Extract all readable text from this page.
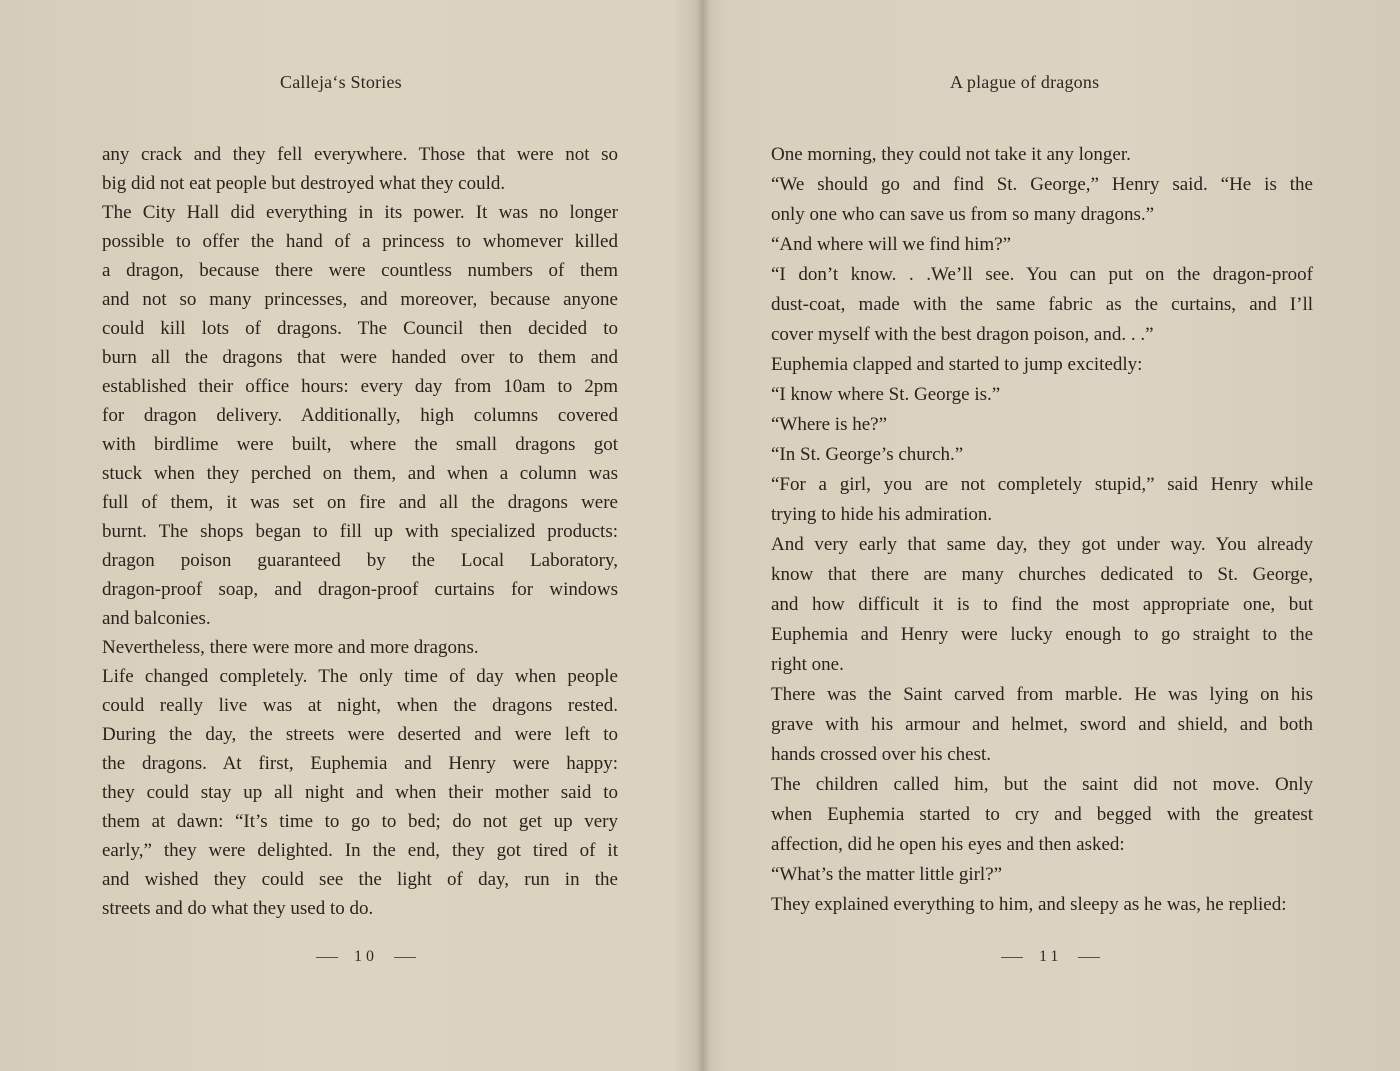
Calleja‘s Stories
any crack and they fell everywhere. Those that were not so
big did not eat people but destroyed what they could.
The City Hall did everything in its power. It was no longer
possible to offer the hand of a princess to whomever killed
a dragon, because there were countless numbers of them
and not so many princesses, and moreover, because anyone
could kill lots of dragons. The Council then decided to
burn all the dragons that were handed over to them and
established their office hours: every day from 10am to 2pm
for dragon delivery. Additionally, high columns covered
with birdlime were built, where the small dragons got
stuck when they perched on them, and when a column was
full of them, it was set on fire and all the dragons were
burnt. The shops began to fill up with specialized products:
dragon poison guaranteed by the Local Laboratory,
dragon-proof soap, and dragon-proof curtains for windows
and balconies.
Nevertheless, there were more and more dragons.
Life changed completely. The only time of day when people
could really live was at night, when the dragons rested.
During the day, the streets were deserted and were left to
the dragons. At first, Euphemia and Henry were happy:
they could stay up all night and when their mother said to
them at dawn: “It’s time to go to bed; do not get up very
early,” they were delighted. In the end, they got tired of it
and wished they could see the light of day, run in the
streets and do what they used to do.
10
A plague of dragons
One morning, they could not take it any longer.
“We should go and find St. George,” Henry said. “He is the
only one who can save us from so many dragons.”
“And where will we find him?”
“I don’t know. . .We’ll see. You can put on the dragon-proof
dust-coat, made with the same fabric as the curtains, and I’ll
cover myself with the best dragon poison, and. . .”
Euphemia clapped and started to jump excitedly:
“I know where St. George is.”
“Where is he?”
“In St. George’s church.”
“For a girl, you are not completely stupid,” said Henry while
trying to hide his admiration.
And very early that same day, they got under way. You already
know that there are many churches dedicated to St. George,
and how difficult it is to find the most appropriate one, but
Euphemia and Henry were lucky enough to go straight to the
right one.
There was the Saint carved from marble. He was lying on his
grave with his armour and helmet, sword and shield, and both
hands crossed over his chest.
The children called him, but the saint did not move. Only
when Euphemia started to cry and begged with the greatest
affection, did he open his eyes and then asked:
“What’s the matter little girl?”
They explained everything to him, and sleepy as he was, he replied:
11
